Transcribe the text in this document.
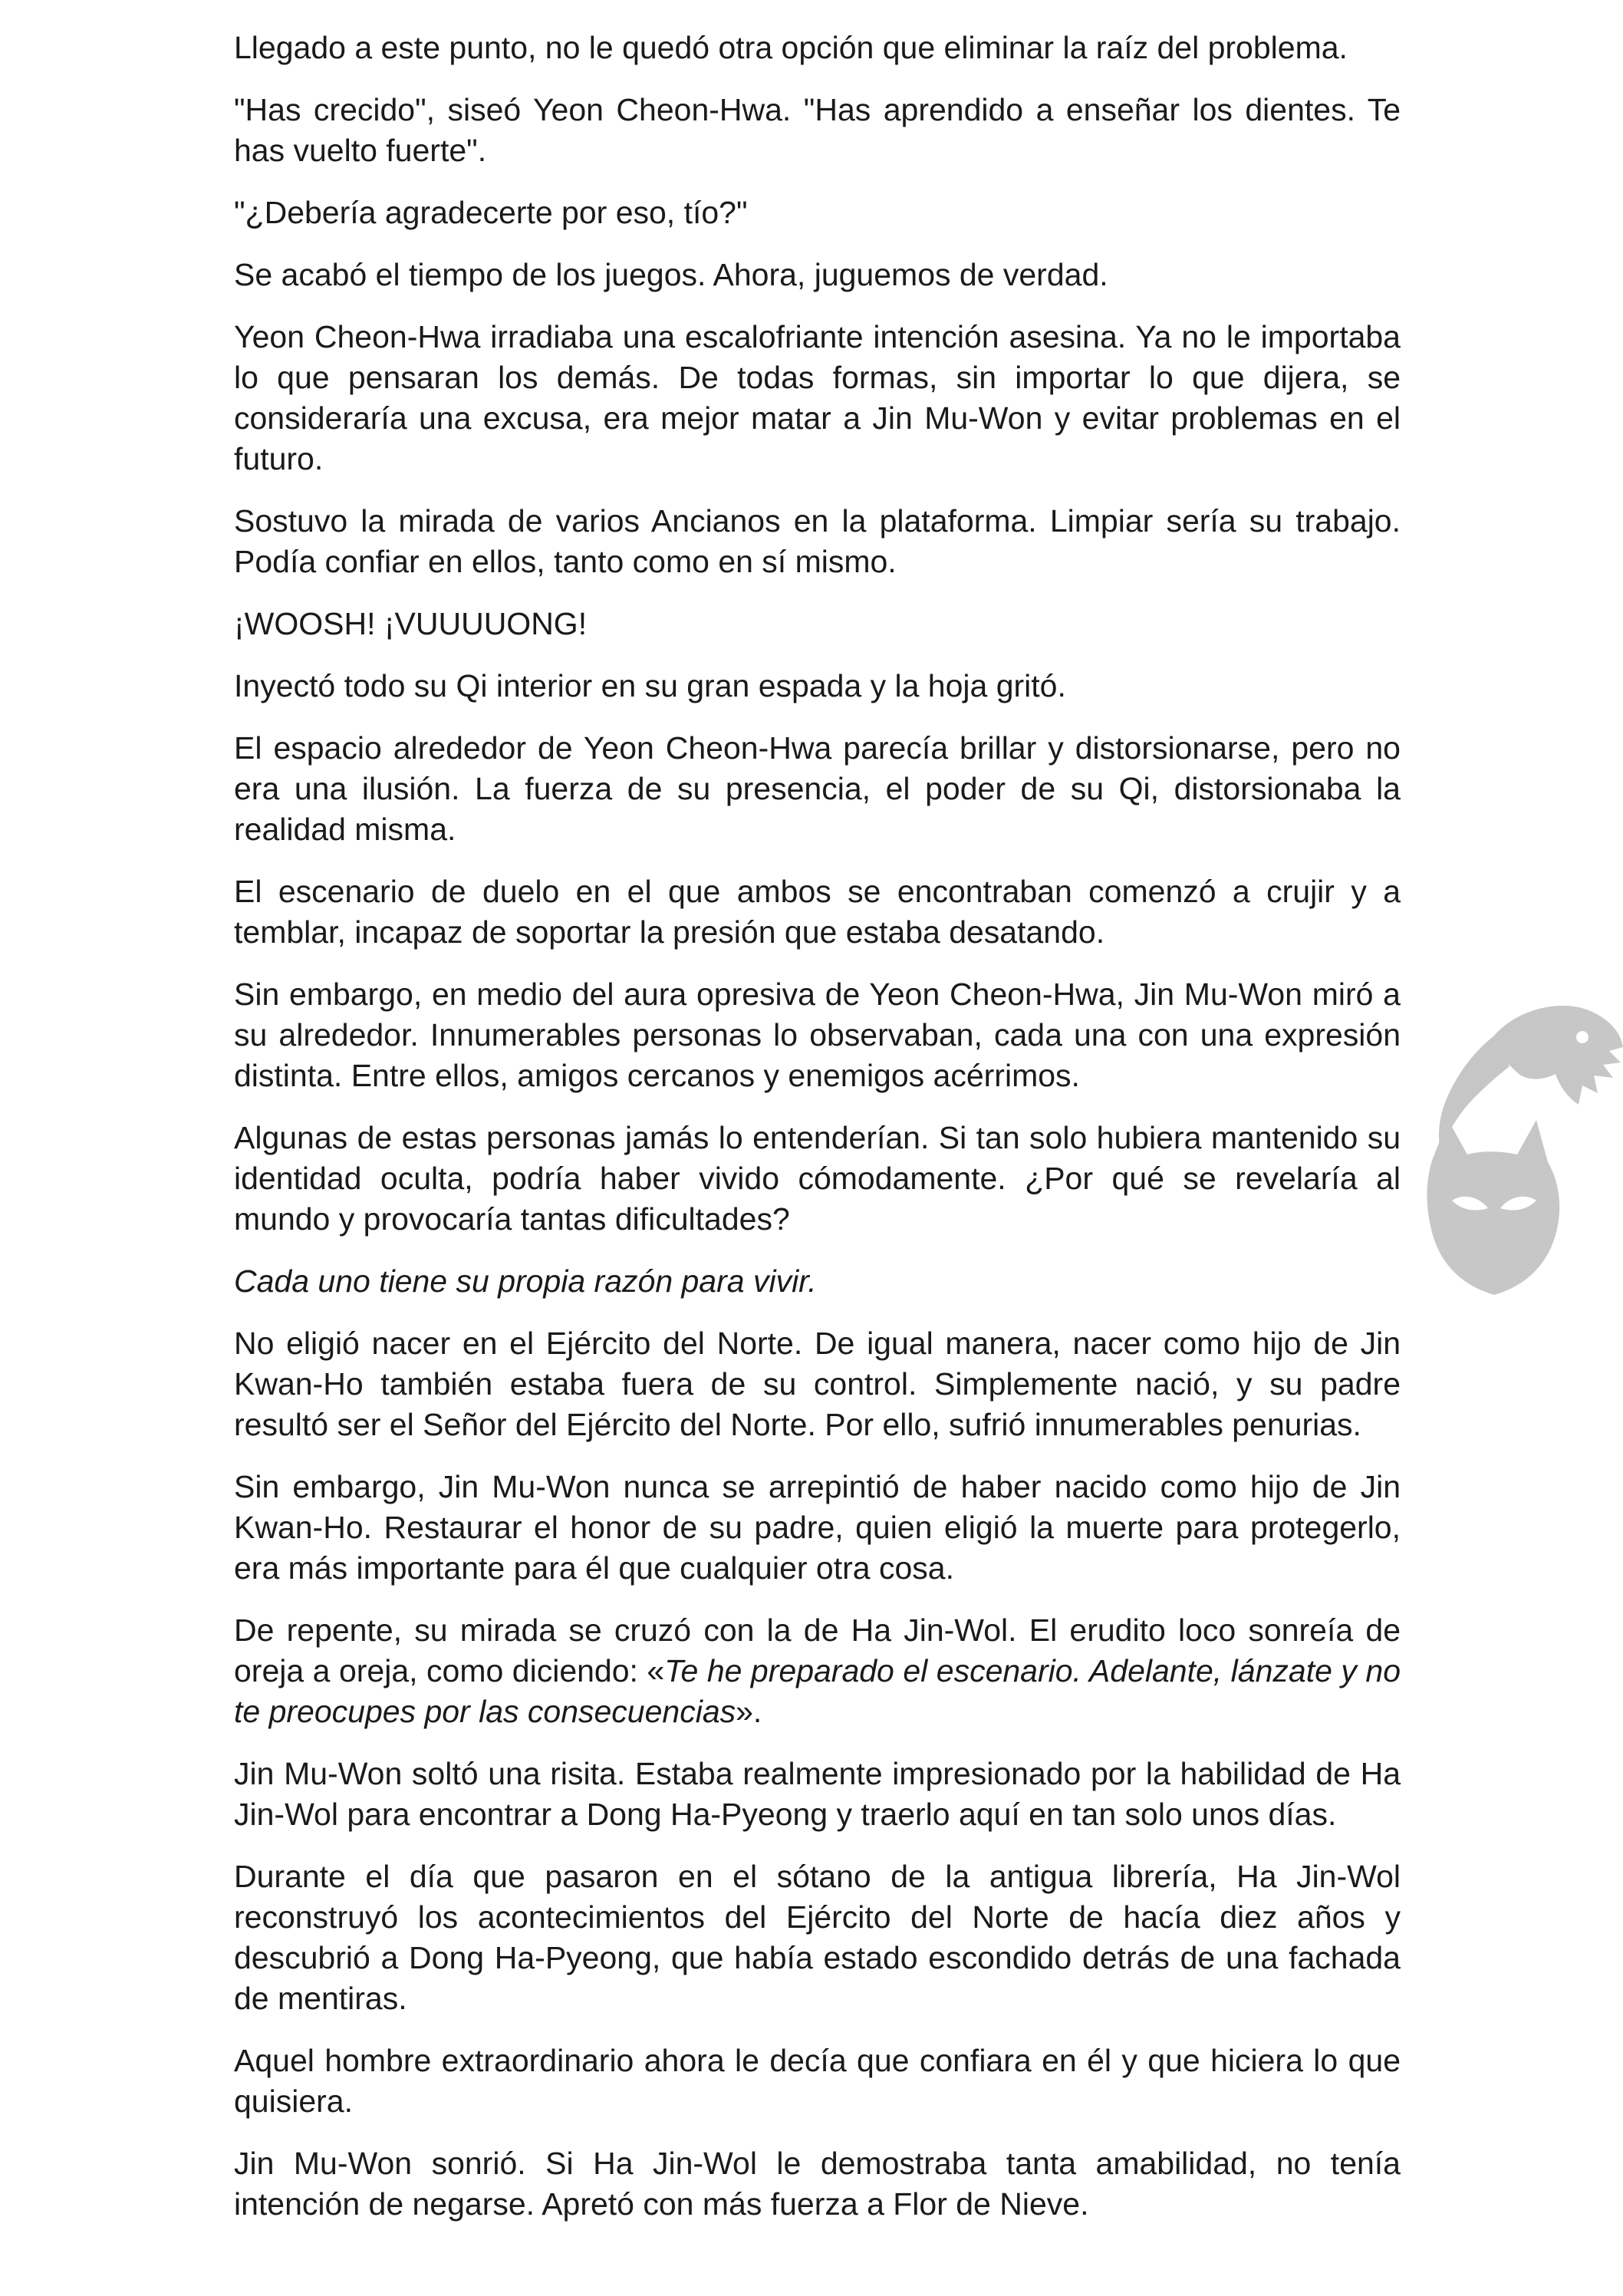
Llegado a este punto, no le quedó otra opción que eliminar la raíz del problema.

"Has crecido", siseó Yeon Cheon-Hwa. "Has aprendido a enseñar los dientes. Te has vuelto fuerte".

"¿Debería agradecerte por eso, tío?"

Se acabó el tiempo de los juegos. Ahora, juguemos de verdad.

Yeon Cheon-Hwa irradiaba una escalofriante intención asesina. Ya no le importaba lo que pensaran los demás. De todas formas, sin importar lo que dijera, se consideraría una excusa, era mejor matar a Jin Mu-Won y evitar problemas en el futuro.

Sostuvo la mirada de varios Ancianos en la plataforma. Limpiar sería su trabajo. Podía confiar en ellos, tanto como en sí mismo.

¡WOOSH! ¡VUUUUONG!

Inyectó todo su Qi interior en su gran espada y la hoja gritó.

El espacio alrededor de Yeon Cheon-Hwa parecía brillar y distorsionarse, pero no era una ilusión. La fuerza de su presencia, el poder de su Qi, distorsionaba la realidad misma.

El escenario de duelo en el que ambos se encontraban comenzó a crujir y a temblar, incapaz de soportar la presión que estaba desatando.

Sin embargo, en medio del aura opresiva de Yeon Cheon-Hwa, Jin Mu-Won miró a su alrededor. Innumerables personas lo observaban, cada una con una expresión distinta. Entre ellos, amigos cercanos y enemigos acérrimos.

Algunas de estas personas jamás lo entenderían. Si tan solo hubiera mantenido su identidad oculta, podría haber vivido cómodamente. ¿Por qué se revelaría al mundo y provocaría tantas dificultades?

Cada uno tiene su propia razón para vivir.

No eligió nacer en el Ejército del Norte. De igual manera, nacer como hijo de Jin Kwan-Ho también estaba fuera de su control. Simplemente nació, y su padre resultó ser el Señor del Ejército del Norte. Por ello, sufrió innumerables penurias.

Sin embargo, Jin Mu-Won nunca se arrepintió de haber nacido como hijo de Jin Kwan-Ho. Restaurar el honor de su padre, quien eligió la muerte para protegerlo, era más importante para él que cualquier otra cosa.

De repente, su mirada se cruzó con la de Ha Jin-Wol. El erudito loco sonreía de oreja a oreja, como diciendo: «Te he preparado el escenario. Adelante, lánzate y no te preocupes por las consecuencias».

Jin Mu-Won soltó una risita. Estaba realmente impresionado por la habilidad de Ha Jin-Wol para encontrar a Dong Ha-Pyeong y traerlo aquí en tan solo unos días.

Durante el día que pasaron en el sótano de la antigua librería, Ha Jin-Wol reconstruyó los acontecimientos del Ejército del Norte de hacía diez años y descubrió a Dong Ha-Pyeong, que había estado escondido detrás de una fachada de mentiras.

Aquel hombre extraordinario ahora le decía que confiara en él y que hiciera lo que quisiera.

Jin Mu-Won sonrió. Si Ha Jin-Wol le demostraba tanta amabilidad, no tenía intención de negarse. Apretó con más fuerza a Flor de Nieve.
